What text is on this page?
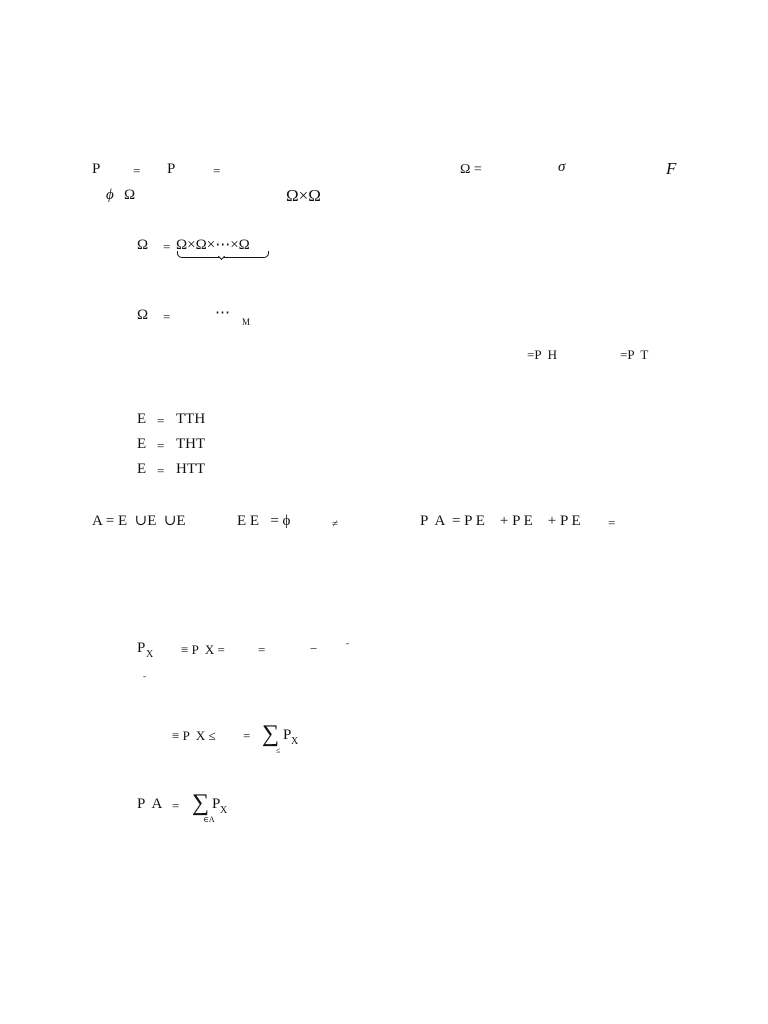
P	= P	=	Ω =	σ	F
ϕ Ω	Ω×Ω
Ω = Ω×Ω×⋯×Ω
Ω =	⋯
M
=P  H	=P  T
E = TTH
E = THT
E = HTT
A = E  ∪E  ∪E	E E   = ϕ	≠	P  A  = P E    + P E    + P E =
P X ≡ P  X =	=	−	-
-
≡ P  X ≤ = ∑ P X
≤
P  A = ∑ P X
∈A
